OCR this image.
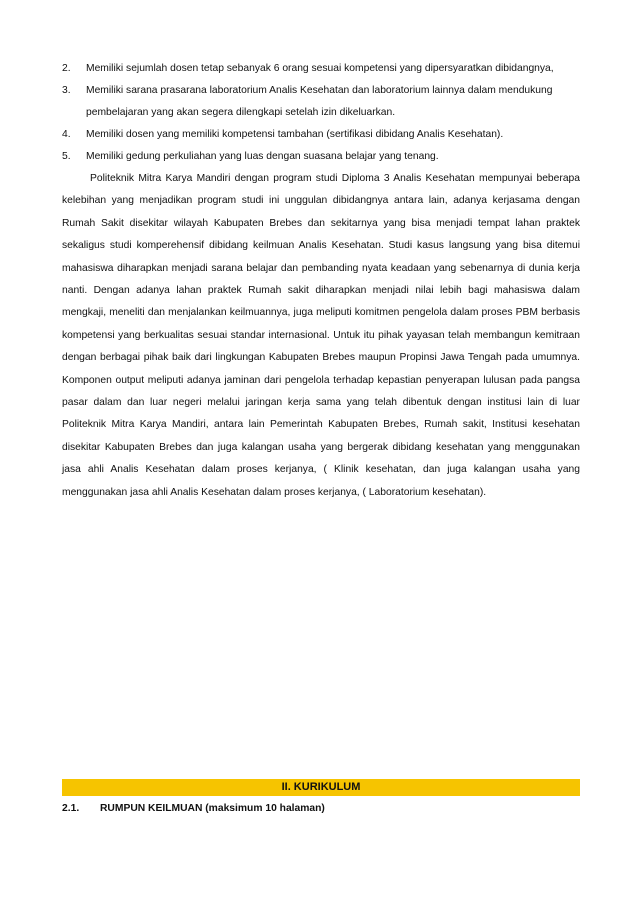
2. Memiliki sejumlah dosen tetap sebanyak 6 orang sesuai kompetensi yang dipersyaratkan dibidangnya,
3. Memiliki sarana prasarana laboratorium Analis Kesehatan dan laboratorium lainnya dalam mendukung pembelajaran yang akan segera dilengkapi setelah izin dikeluarkan.
4. Memiliki dosen yang memiliki kompetensi tambahan (sertifikasi dibidang Analis Kesehatan).
5. Memiliki gedung perkuliahan yang luas dengan suasana belajar yang tenang.

Politeknik Mitra Karya Mandiri dengan program studi Diploma 3 Analis Kesehatan mempunyai beberapa kelebihan yang menjadikan program studi ini unggulan dibidangnya antara lain, adanya kerjasama dengan Rumah Sakit disekitar wilayah Kabupaten Brebes dan sekitarnya yang bisa menjadi tempat lahan praktek sekaligus studi komperehensif dibidang keilmuan Analis Kesehatan. Studi kasus langsung yang bisa ditemui mahasiswa diharapkan menjadi sarana belajar dan pembanding nyata keadaan yang sebenarnya di dunia kerja nanti. Dengan adanya lahan praktek Rumah sakit diharapkan menjadi nilai lebih bagi mahasiswa dalam mengkaji, meneliti dan menjalankan keilmuannya, juga meliputi komitmen pengelola dalam proses PBM berbasis kompetensi yang berkualitas sesuai standar internasional. Untuk itu pihak yayasan telah membangun kemitraan dengan berbagai pihak baik dari lingkungan Kabupaten Brebes maupun Propinsi Jawa Tengah pada umumnya. Komponen output meliputi adanya jaminan dari pengelola terhadap kepastian penyerapan lulusan pada pangsa pasar dalam dan luar negeri melalui jaringan kerja sama yang telah dibentuk dengan institusi lain di luar Politeknik Mitra Karya Mandiri, antara lain Pemerintah Kabupaten Brebes, Rumah sakit, Institusi kesehatan disekitar Kabupaten Brebes dan juga kalangan usaha yang bergerak dibidang kesehatan yang menggunakan jasa ahli Analis Kesehatan dalam proses kerjanya, ( Klinik kesehatan, dan juga kalangan usaha yang menggunakan jasa ahli Analis Kesehatan dalam proses kerjanya, ( Laboratorium kesehatan).

II. KURIKULUM
2.1. RUMPUN KEILMUAN (maksimum 10 halaman)
